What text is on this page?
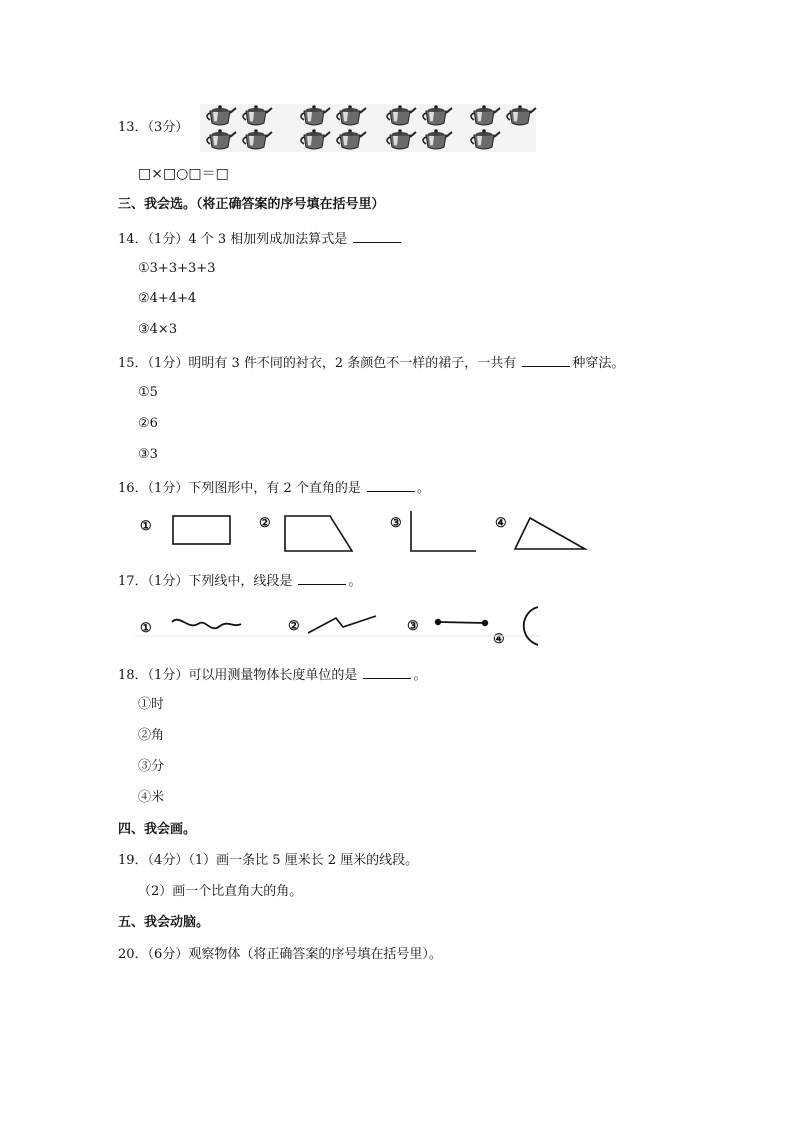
13．（3分）
□×□○□＝□
三、我会选。（将正确答案的序号填在括号里）
14．（1分）4 个 3 相加列成加法算式是
①3+3+3+3
②4+4+4
③4×3
15．（1分）明明有 3 件不同的衬衣，2 条颜色不一样的裙子，一共有	种穿法。
①5
②6
③3
16．（1分）下列图形中，有 2 个直角的是	。
①	②	③	④
17．（1分）下列线中，线段是	。
①	②	③
④
18．（1分）可以用测量物体长度单位的是	。
①时
②角
③分
④米
四、我会画。
19．（4分）（1）画一条比 5 厘米长 2 厘米的线段。
（2）画一个比直角大的角。
五、我会动脑。
20．（6分）观察物体（将正确答案的序号填在括号里）。
